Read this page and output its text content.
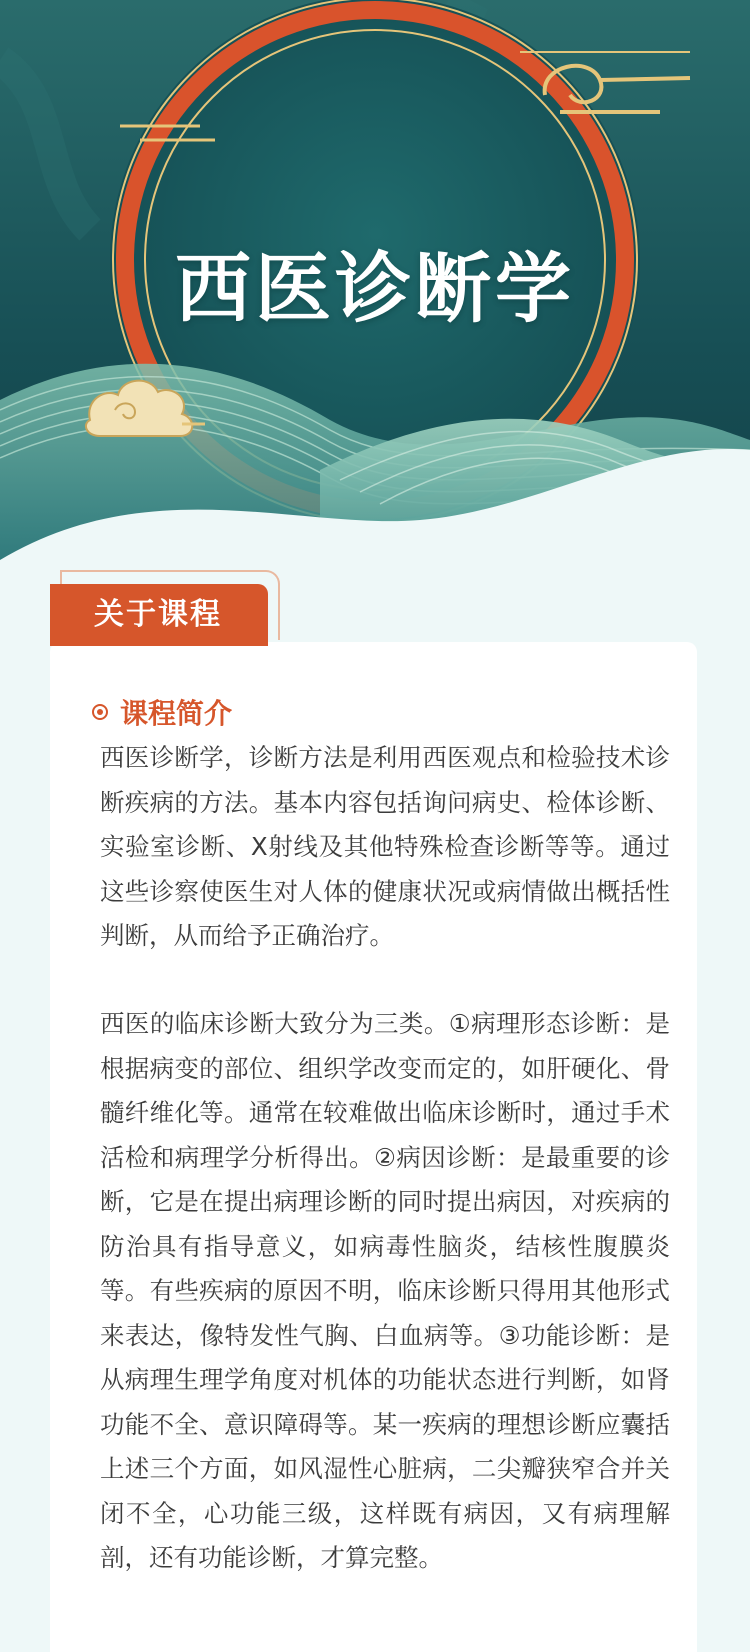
西医诊断学
关于课程
课程简介

西医诊断学，诊断方法是利用西医观点和检验技术诊断疾病的方法。基本内容包括询问病史、检体诊断、实验室诊断、X射线及其他特殊检查诊断等等。通过这些诊察使医生对人体的健康状况或病情做出概括性判断，从而给予正确治疗。

西医的临床诊断大致分为三类。①病理形态诊断：是根据病变的部位、组织学改变而定的，如肝硬化、骨髓纤维化等。通常在较难做出临床诊断时，通过手术活检和病理学分析得出。②病因诊断：是最重要的诊断，它是在提出病理诊断的同时提出病因，对疾病的防治具有指导意义，如病毒性脑炎，结核性腹膜炎等。有些疾病的原因不明，临床诊断只得用其他形式来表达，像特发性气胸、白血病等。③功能诊断：是从病理生理学角度对机体的功能状态进行判断，如肾功能不全、意识障碍等。某一疾病的理想诊断应囊括上述三个方面，如风湿性心脏病，二尖瓣狭窄合并关闭不全，心功能三级，这样既有病因，又有病理解剖，还有功能诊断，才算完整。
